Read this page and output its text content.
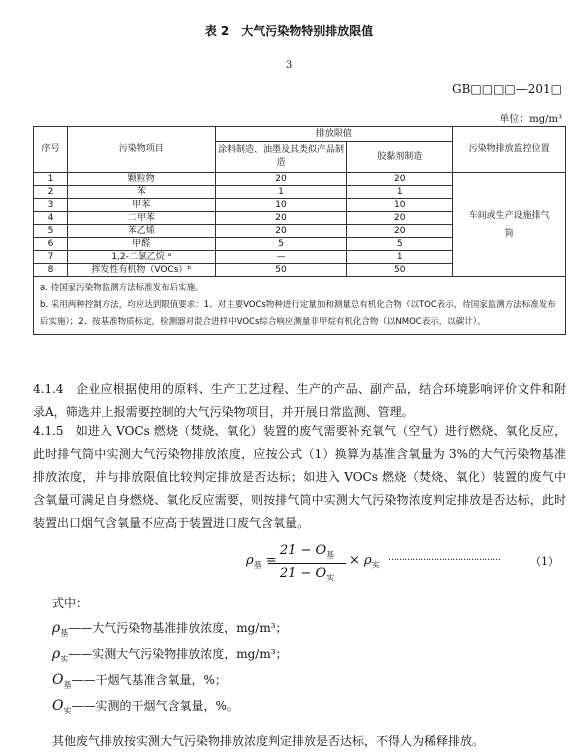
表 2　大气污染物特别排放限值
3
GB□□□□—201□
单位：mg/m³
序号	污染物项目	排放限值		污染物排放监控位置
		涂料制造、油墨及其类似产品制造	胶黏剂制造	
1	颗粒物	20	20	车间或生产设施排气筒
2	苯	1	1	
3	甲苯	10	10	
4	二甲苯	20	20	
5	苯乙烯	20	20	
6	甲醛	5	5	
7	1,2-二氯乙烷 ᵃ	—	1	
8	挥发性有机物（VOCs）ᵇ	50	50	

a. 待国家污染物监测方法标准发布后实施。
b. 采用两种控制方法，均应达到限值要求：1、对主要VOCs物种进行定量加和测量总有机化合物（以TOC表示，待国家监测方法标准发布后实施）；2、按基准物质标定，检测器对混合进样中VOCs综合响应测量非甲烷有机化合物（以NMOC表示，以碳计）。				
4.1.4　企业应根据使用的原料、生产工艺过程、生产的产品、副产品，结合环境影响评价文件和附录A，筛选并上报需要控制的大气污染物项目，并开展日常监测、管理。
4.1.5　如进入 VOCs 燃烧（焚烧、氧化）装置的废气需要补充氧气（空气）进行燃烧、氧化反应，此时排气筒中实测大气污染物排放浓度，应按公式（1）换算为基准含氧量为 3%的大气污染物基准排放浓度，并与排放限值比较判定排放是否达标；如进入 VOCs 燃烧（焚烧、氧化）装置的废气中含氧量可满足自身燃烧、氧化反应需要，则按排气筒中实测大气污染物浓度判定排放是否达标，此时装置出口烟气含氧量不应高于装置进口废气含氧量。
$\rho_基$ =
$21 - O_基$
$21 - O_实$
× $\rho_实$
……………………………………	（1）
式中：
$\rho_基——$大气污染物基准排放浓度，mg/m³；
$\rho_实——$实测大气污染物排放浓度，mg/m³；
$O_基——$干烟气基准含氧量，%；
$O_实——$实测的干烟气含氧量，%。
其他废气排放按实测大气污染物排放浓度判定排放是否达标，不得人为稀释排放。
